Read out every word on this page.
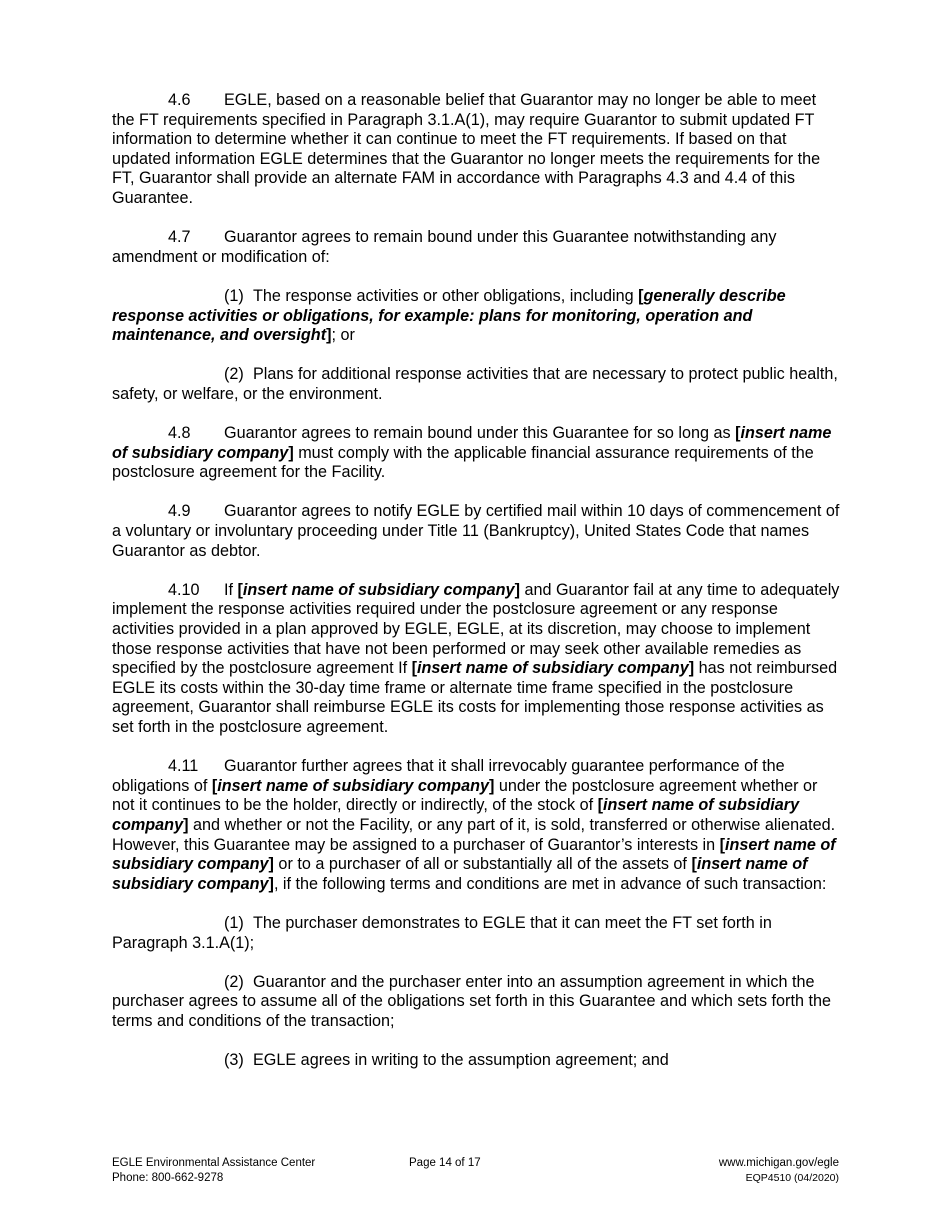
4.6 EGLE, based on a reasonable belief that Guarantor may no longer be able to meet the FT requirements specified in Paragraph 3.1.A(1), may require Guarantor to submit updated FT information to determine whether it can continue to meet the FT requirements. If based on that updated information EGLE determines that the Guarantor no longer meets the requirements for the FT, Guarantor shall provide an alternate FAM in accordance with Paragraphs 4.3 and 4.4 of this Guarantee.

4.7 Guarantor agrees to remain bound under this Guarantee notwithstanding any amendment or modification of:

(1) The response activities or other obligations, including [generally describe response activities or obligations, for example: plans for monitoring, operation and maintenance, and oversight]; or

(2) Plans for additional response activities that are necessary to protect public health, safety, or welfare, or the environment.

4.8 Guarantor agrees to remain bound under this Guarantee for so long as [insert name of subsidiary company] must comply with the applicable financial assurance requirements of the postclosure agreement for the Facility.

4.9 Guarantor agrees to notify EGLE by certified mail within 10 days of commencement of a voluntary or involuntary proceeding under Title 11 (Bankruptcy), United States Code that names Guarantor as debtor.

4.10 If [insert name of subsidiary company] and Guarantor fail at any time to adequately implement the response activities required under the postclosure agreement or any response activities provided in a plan approved by EGLE, EGLE, at its discretion, may choose to implement those response activities that have not been performed or may seek other available remedies as specified by the postclosure agreement If [insert name of subsidiary company] has not reimbursed EGLE its costs within the 30-day time frame or alternate time frame specified in the postclosure agreement, Guarantor shall reimburse EGLE its costs for implementing those response activities as set forth in the postclosure agreement.

4.11 Guarantor further agrees that it shall irrevocably guarantee performance of the obligations of [insert name of subsidiary company] under the postclosure agreement whether or not it continues to be the holder, directly or indirectly, of the stock of [insert name of subsidiary company] and whether or not the Facility, or any part of it, is sold, transferred or otherwise alienated. However, this Guarantee may be assigned to a purchaser of Guarantor’s interests in [insert name of subsidiary company] or to a purchaser of all or substantially all of the assets of [insert name of subsidiary company], if the following terms and conditions are met in advance of such transaction:

(1) The purchaser demonstrates to EGLE that it can meet the FT set forth in Paragraph 3.1.A(1);

(2) Guarantor and the purchaser enter into an assumption agreement in which the purchaser agrees to assume all of the obligations set forth in this Guarantee and which sets forth the terms and conditions of the transaction;

(3) EGLE agrees in writing to the assumption agreement; and

EGLE Environmental Assistance Center
Phone: 800-662-9278
Page 14 of 17	www.michigan.gov/egle
EQP4510 (04/2020)
